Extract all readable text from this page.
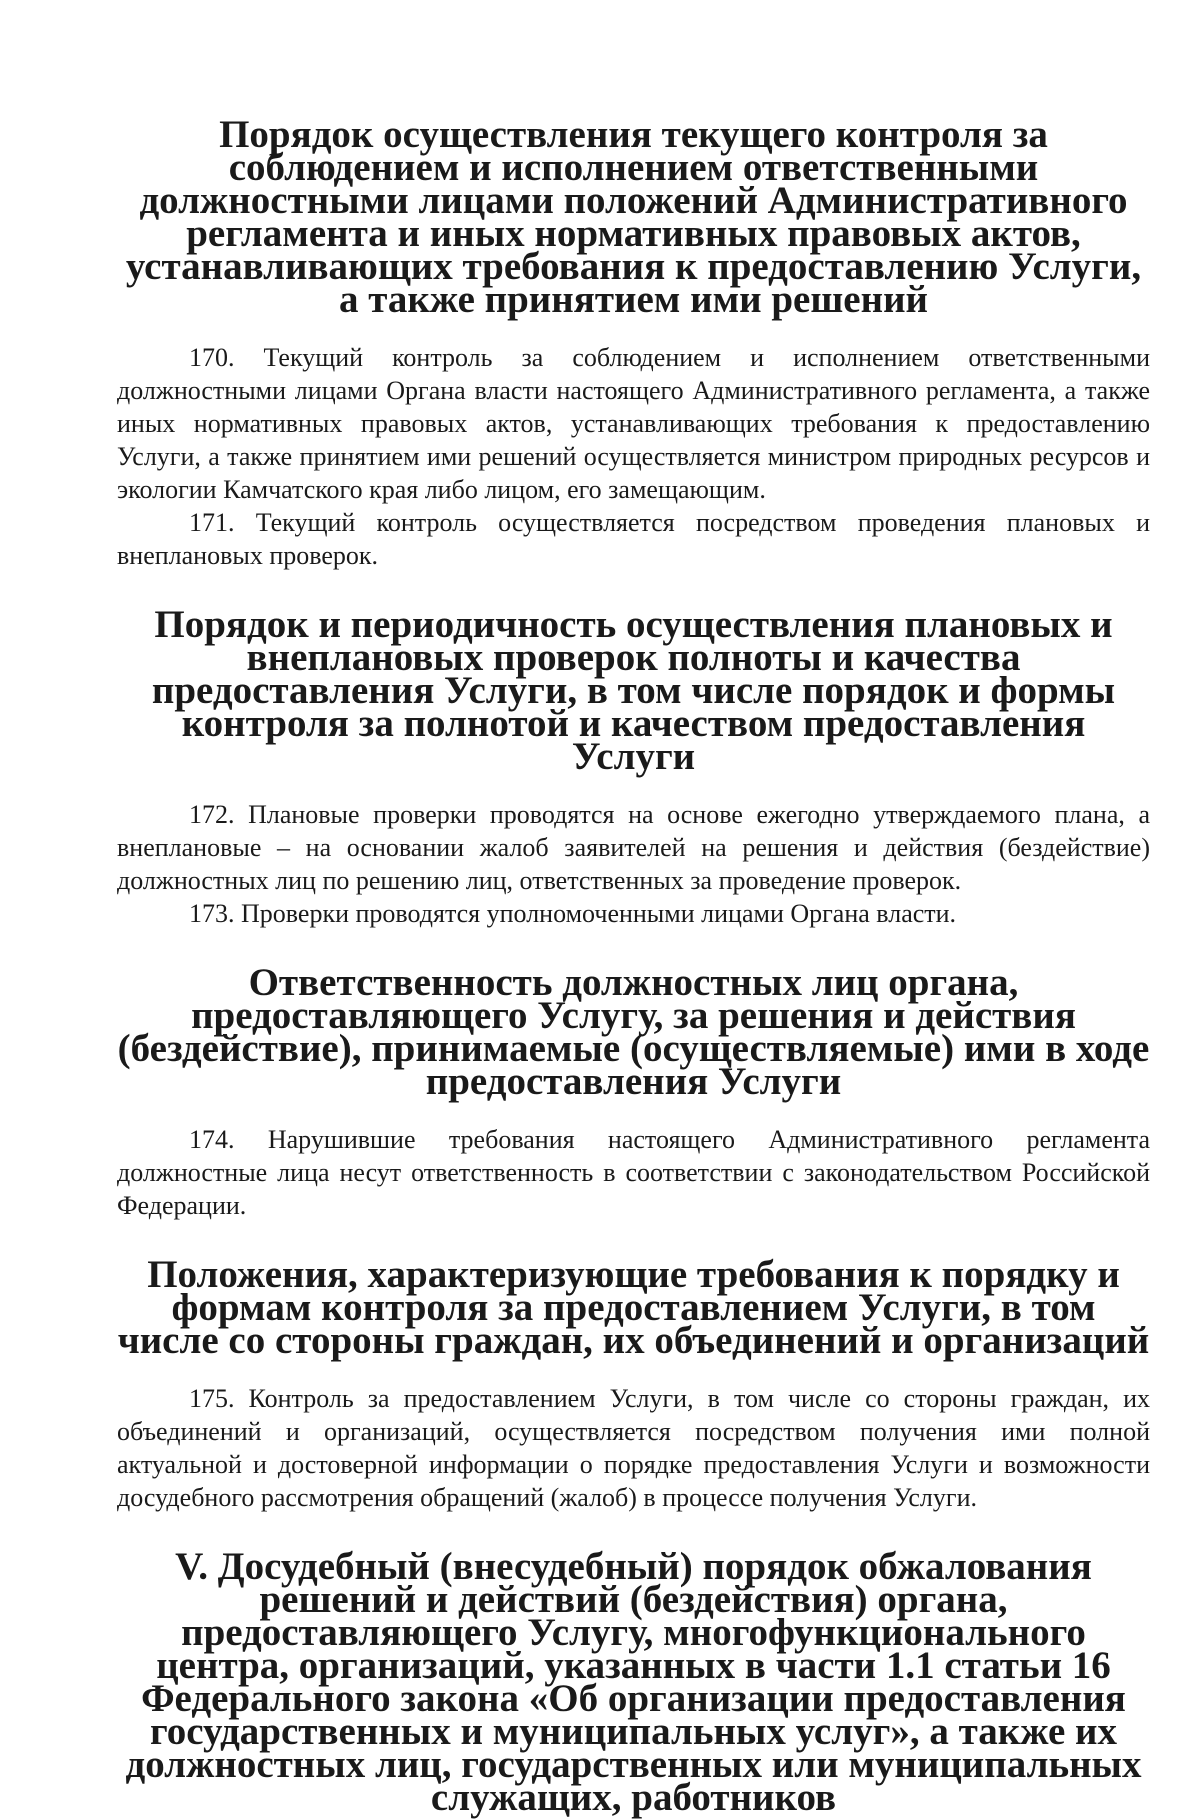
Порядок осуществления текущего контроля за соблюдением и исполнением ответственными должностными лицами положений Административного регламента и иных нормативных правовых актов, устанавливающих требования к предоставлению Услуги, а также принятием ими решений

170. Текущий контроль за соблюдением и исполнением ответственными должностными лицами Органа власти настоящего Административного регламента, а также иных нормативных правовых актов, устанавливающих требования к предоставлению Услуги, а также принятием ими решений осуществляется министром природных ресурсов и экологии Камчатского края либо лицом, его замещающим.

171. Текущий контроль осуществляется посредством проведения плановых и внеплановых проверок.

Порядок и периодичность осуществления плановых и внеплановых проверок полноты и качества предоставления Услуги, в том числе порядок и формы контроля за полнотой и качеством предоставления Услуги

172. Плановые проверки проводятся на основе ежегодно утверждаемого плана, а внеплановые – на основании жалоб заявителей на решения и действия (бездействие) должностных лиц по решению лиц, ответственных за проведение проверок.

173. Проверки проводятся уполномоченными лицами Органа власти.

Ответственность должностных лиц органа, предоставляющего Услугу, за решения и действия (бездействие), принимаемые (осуществляемые) ими в ходе предоставления Услуги

174. Нарушившие требования настоящего Административного регламента должностные лица несут ответственность в соответствии с законодательством Российской Федерации.

Положения, характеризующие требования к порядку и формам контроля за предоставлением Услуги, в том числе со стороны граждан, их объединений и организаций

175. Контроль за предоставлением Услуги, в том числе со стороны граждан, их объединений и организаций, осуществляется посредством получения ими полной актуальной и достоверной информации о порядке предоставления Услуги и возможности досудебного рассмотрения обращений (жалоб) в процессе получения Услуги.

V. Досудебный (внесудебный) порядок обжалования решений и действий (бездействия) органа, предоставляющего Услугу, многофункционального центра, организаций, указанных в части 1.1 статьи 16 Федерального закона «Об организации предоставления государственных и муниципальных услуг», а также их должностных лиц, государственных или муниципальных служащих, работников
